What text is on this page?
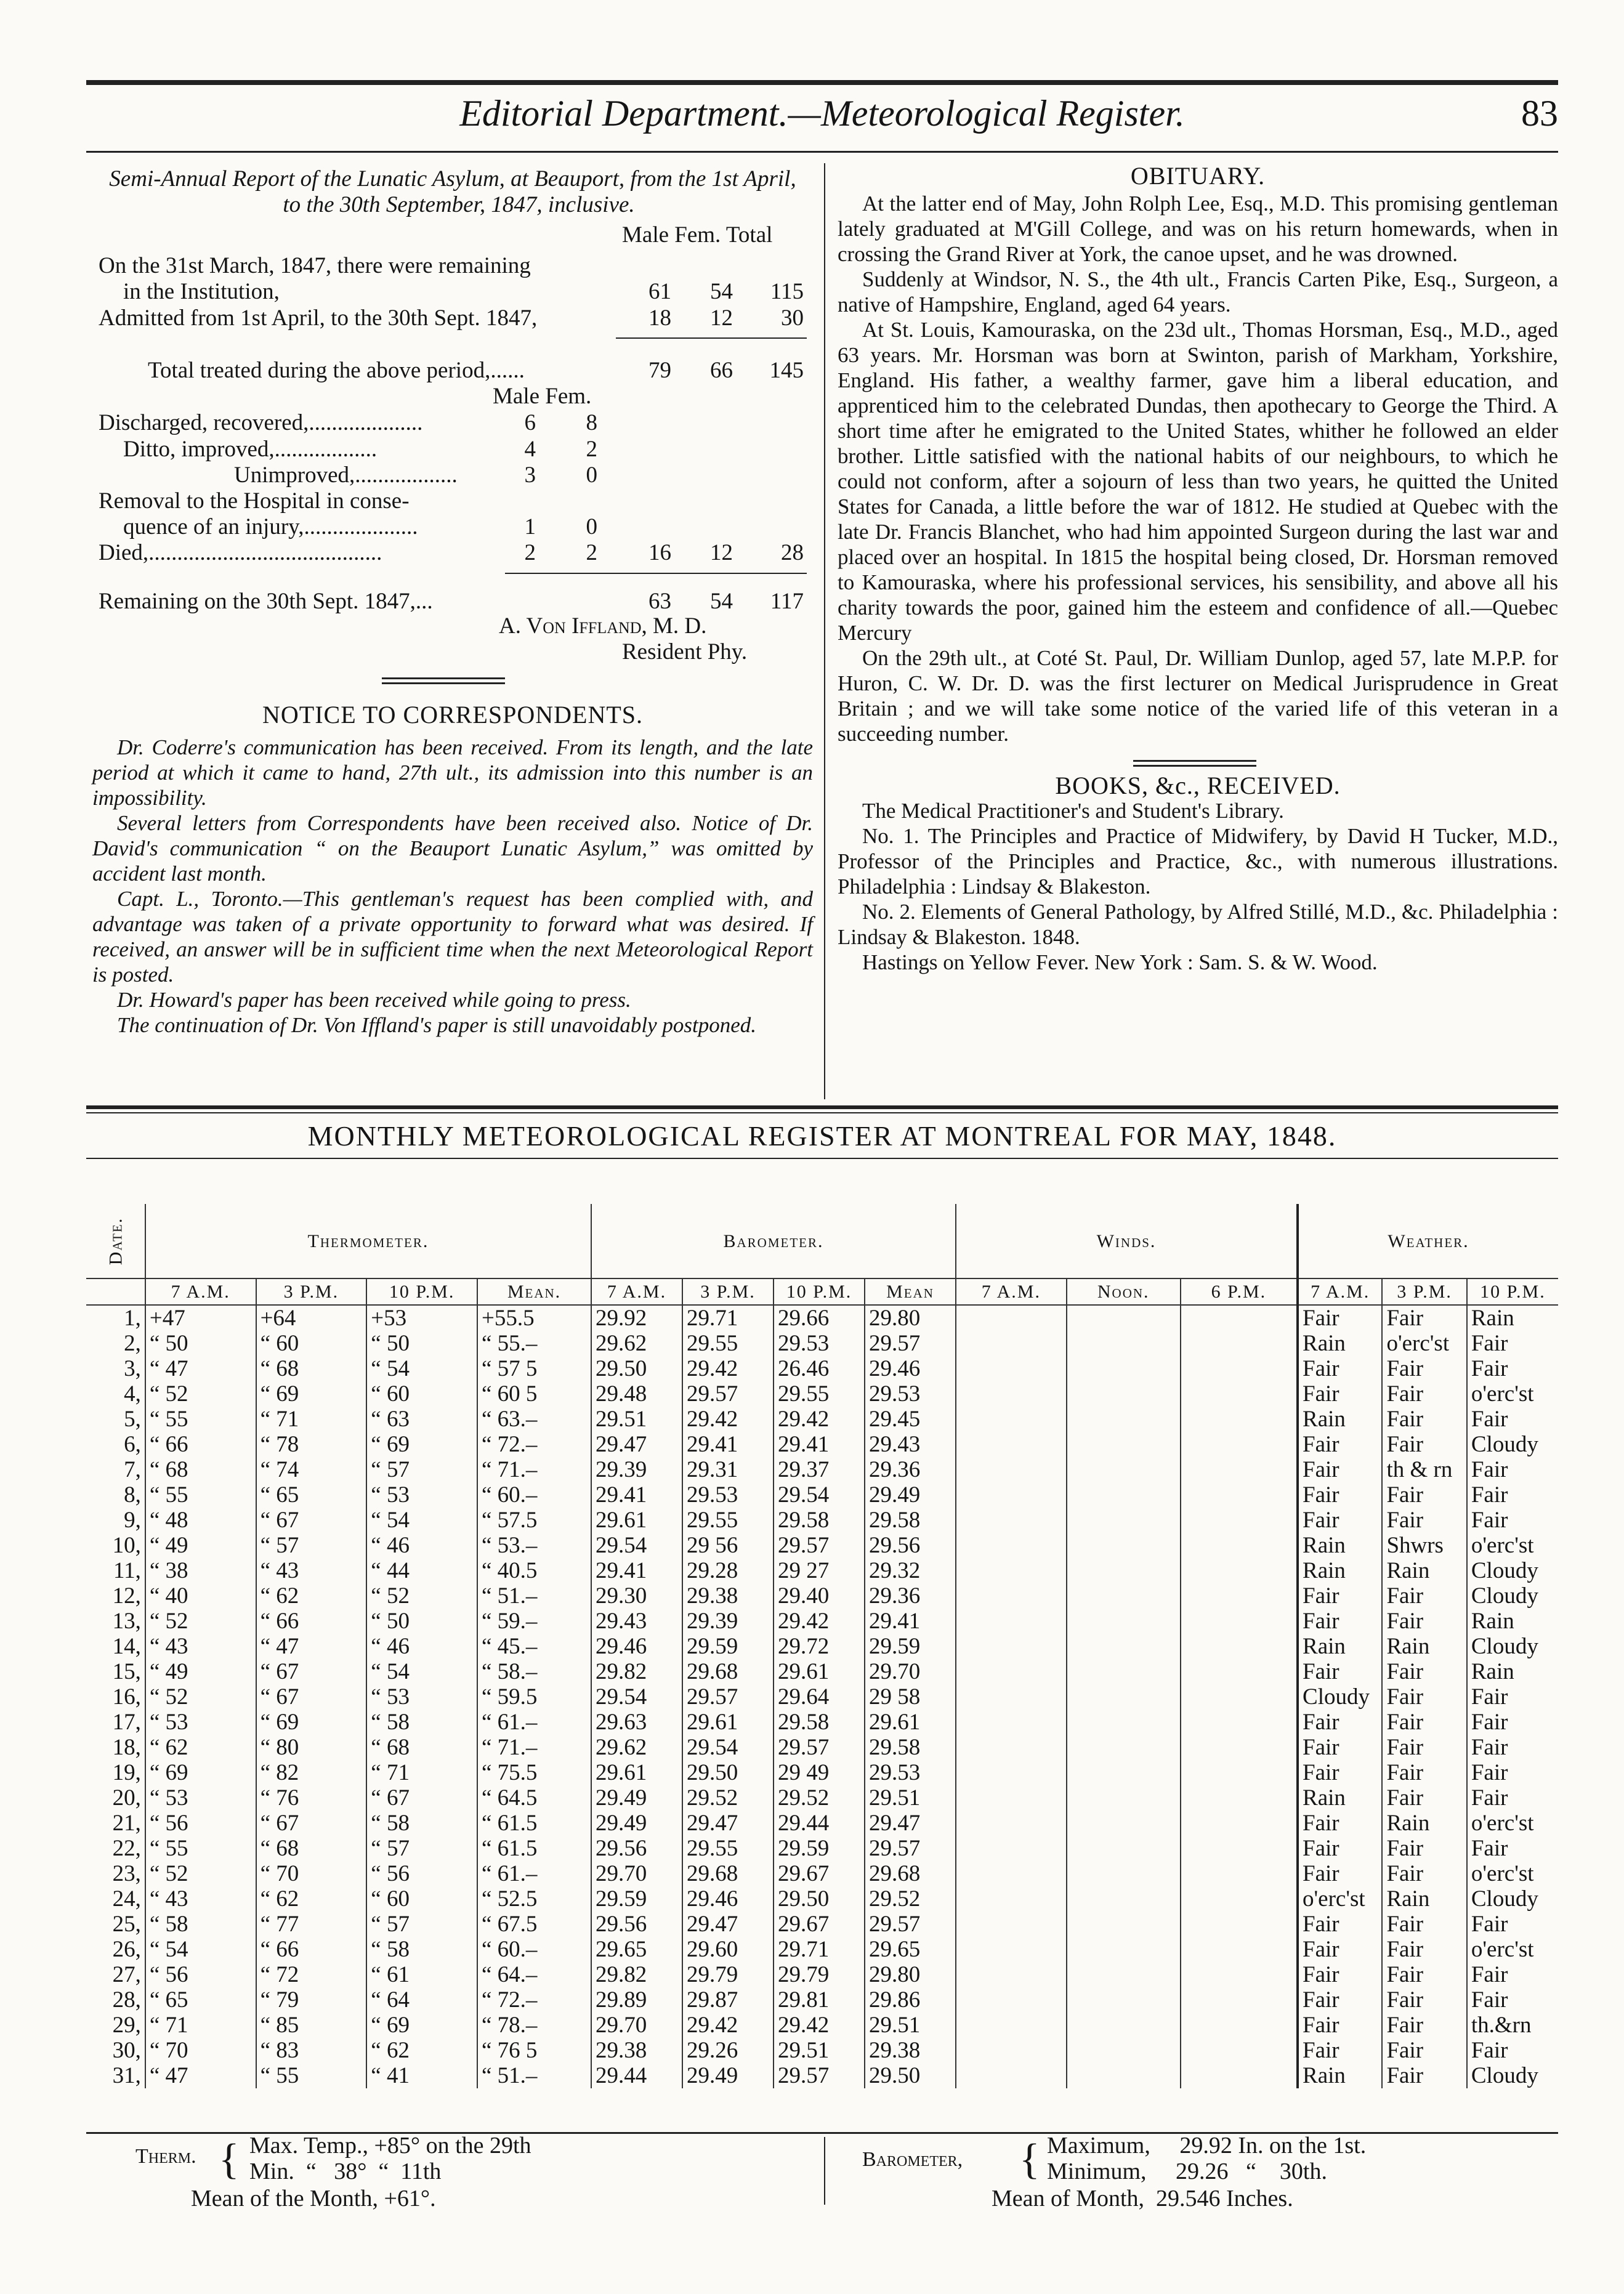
Editorial Department.—Meteorological Register.	83
Semi-Annual Report of the Lunatic Asylum, at Beauport, from the 1st April, to the 30th September, 1847, inclusive.
Male Fem. Total
On the 31st March, 1847, there were remaining
in the Institution,	61	54	115
Admitted from 1st April, to the 30th Sept. 1847,	18	12	30
Total treated during the above period,......	79	66	145
Male Fem.
Discharged, recovered,....................	6	8
Ditto, improved,..................	4	2
Unimproved,..................	3	0
Removal to the Hospital in conse-
quence of an injury,....................	1	0
Died,.........................................	2	2	16	12	28
Remaining on the 30th Sept. 1847,...	63	54	117
A. Von Iffland, M. D.
Resident Phy.
NOTICE TO CORRESPONDENTS.

Dr. Coderre's communication has been received. From its length, and the late period at which it came to hand, 27th ult., its admission into this number is an impossibility.

Several letters from Correspondents have been received also. Notice of Dr. David's communication “ on the Beauport Lunatic Asylum,” was omitted by accident last month.

Capt. L., Toronto.—This gentleman's request has been complied with, and advantage was taken of a private opportunity to forward what was desired. If received, an answer will be in sufficient time when the next Meteorological Report is posted.

Dr. Howard's paper has been received while going to press.

The continuation of Dr. Von Iffland's paper is still unavoidably postponed.

OBITUARY.

At the latter end of May, John Rolph Lee, Esq., M.D. This promising gentleman lately graduated at M'Gill College, and was on his return homewards, when in crossing the Grand River at York, the canoe upset, and he was drowned.

Suddenly at Windsor, N. S., the 4th ult., Francis Carten Pike, Esq., Surgeon, a native of Hampshire, England, aged 64 years.

At St. Louis, Kamouraska, on the 23d ult., Thomas Horsman, Esq., M.D., aged 63 years. Mr. Horsman was born at Swinton, parish of Markham, Yorkshire, England. His father, a wealthy farmer, gave him a liberal education, and apprenticed him to the celebrated Dundas, then apothecary to George the Third. A short time after he emigrated to the United States, whither he followed an elder brother. Little satisfied with the national habits of our neighbours, to which he could not conform, after a sojourn of less than two years, he quitted the United States for Canada, a little before the war of 1812. He studied at Quebec with the late Dr. Francis Blanchet, who had him appointed Surgeon during the last war and placed over an hospital. In 1815 the hospital being closed, Dr. Horsman removed to Kamouraska, where his professional services, his sensibility, and above all his charity towards the poor, gained him the esteem and confidence of all.—Quebec Mercury

On the 29th ult., at Coté St. Paul, Dr. William Dunlop, aged 57, late M.P.P. for Huron, C. W. Dr. D. was the first lecturer on Medical Jurisprudence in Great Britain ; and we will take some notice of the varied life of this veteran in a succeeding number.

BOOKS, &c., RECEIVED.

The Medical Practitioner's and Student's Library.

No. 1. The Principles and Practice of Midwifery, by David H Tucker, M.D., Professor of the Principles and Practice, &c., with numerous illustrations. Philadelphia : Lindsay & Blakeston.

No. 2. Elements of General Pathology, by Alfred Stillé, M.D., &c. Philadelphia : Lindsay & Blakeston. 1848.

Hastings on Yellow Fever. New York : Sam. S. & W. Wood.

MONTHLY METEOROLOGICAL REGISTER AT MONTREAL FOR MAY, 1848.
Date.	Thermometer.				Barometer.				Winds.			Weather.		
	7 A.M.	3 P.M.	10 P.M.	Mean.	7 A.M.	3 P.M.	10 P.M.	Mean	7 A.M.	Noon.	6 P.M.	7 A.M.	3 P.M.	10 P.M.
1,	+47	+64	+53	+55.5	29.92	29.71	29.66	29.80				Fair	Fair	Rain
2,	“ 50	“ 60	“ 50	“ 55.–	29.62	29.55	29.53	29.57				Rain	o'erc'st	Fair
3,	“ 47	“ 68	“ 54	“ 57 5	29.50	29.42	26.46	29.46				Fair	Fair	Fair
4,	“ 52	“ 69	“ 60	“ 60 5	29.48	29.57	29.55	29.53				Fair	Fair	o'erc'st
5,	“ 55	“ 71	“ 63	“ 63.–	29.51	29.42	29.42	29.45				Rain	Fair	Fair
6,	“ 66	“ 78	“ 69	“ 72.–	29.47	29.41	29.41	29.43				Fair	Fair	Cloudy
7,	“ 68	“ 74	“ 57	“ 71.–	29.39	29.31	29.37	29.36				Fair	th & rn	Fair
8,	“ 55	“ 65	“ 53	“ 60.–	29.41	29.53	29.54	29.49				Fair	Fair	Fair
9,	“ 48	“ 67	“ 54	“ 57.5	29.61	29.55	29.58	29.58				Fair	Fair	Fair
10,	“ 49	“ 57	“ 46	“ 53.–	29.54	29 56	29.57	29.56				Rain	Shwrs	o'erc'st
11,	“ 38	“ 43	“ 44	“ 40.5	29.41	29.28	29 27	29.32				Rain	Rain	Cloudy
12,	“ 40	“ 62	“ 52	“ 51.–	29.30	29.38	29.40	29.36				Fair	Fair	Cloudy
13,	“ 52	“ 66	“ 50	“ 59.–	29.43	29.39	29.42	29.41				Fair	Fair	Rain
14,	“ 43	“ 47	“ 46	“ 45.–	29.46	29.59	29.72	29.59				Rain	Rain	Cloudy
15,	“ 49	“ 67	“ 54	“ 58.–	29.82	29.68	29.61	29.70				Fair	Fair	Rain
16,	“ 52	“ 67	“ 53	“ 59.5	29.54	29.57	29.64	29 58				Cloudy	Fair	Fair
17,	“ 53	“ 69	“ 58	“ 61.–	29.63	29.61	29.58	29.61				Fair	Fair	Fair
18,	“ 62	“ 80	“ 68	“ 71.–	29.62	29.54	29.57	29.58				Fair	Fair	Fair
19,	“ 69	“ 82	“ 71	“ 75.5	29.61	29.50	29 49	29.53				Fair	Fair	Fair
20,	“ 53	“ 76	“ 67	“ 64.5	29.49	29.52	29.52	29.51				Rain	Fair	Fair
21,	“ 56	“ 67	“ 58	“ 61.5	29.49	29.47	29.44	29.47				Fair	Rain	o'erc'st
22,	“ 55	“ 68	“ 57	“ 61.5	29.56	29.55	29.59	29.57				Fair	Fair	Fair
23,	“ 52	“ 70	“ 56	“ 61.–	29.70	29.68	29.67	29.68				Fair	Fair	o'erc'st
24,	“ 43	“ 62	“ 60	“ 52.5	29.59	29.46	29.50	29.52				o'erc'st	Rain	Cloudy
25,	“ 58	“ 77	“ 57	“ 67.5	29.56	29.47	29.67	29.57				Fair	Fair	Fair
26,	“ 54	“ 66	“ 58	“ 60.–	29.65	29.60	29.71	29.65				Fair	Fair	o'erc'st
27,	“ 56	“ 72	“ 61	“ 64.–	29.82	29.79	29.79	29.80				Fair	Fair	Fair
28,	“ 65	“ 79	“ 64	“ 72.–	29.89	29.87	29.81	29.86				Fair	Fair	Fair
29,	“ 71	“ 85	“ 69	“ 78.–	29.70	29.42	29.42	29.51				Fair	Fair	th.&rn
30,	“ 70	“ 83	“ 62	“ 76 5	29.38	29.26	29.51	29.38				Fair	Fair	Fair
31,	“ 47	“ 55	“ 41	“ 51.–	29.44	29.49	29.57	29.50				Rain	Fair	Cloudy
Therm. { Max. Temp., +85° on the 29th
Min.  “   38°  “  11th
Mean of the Month, +61°.
Barometer, { Maximum,     29.92 In. on the 1st.
Minimum,     29.26   “    30th.
Mean of Month,  29.546 Inches.
